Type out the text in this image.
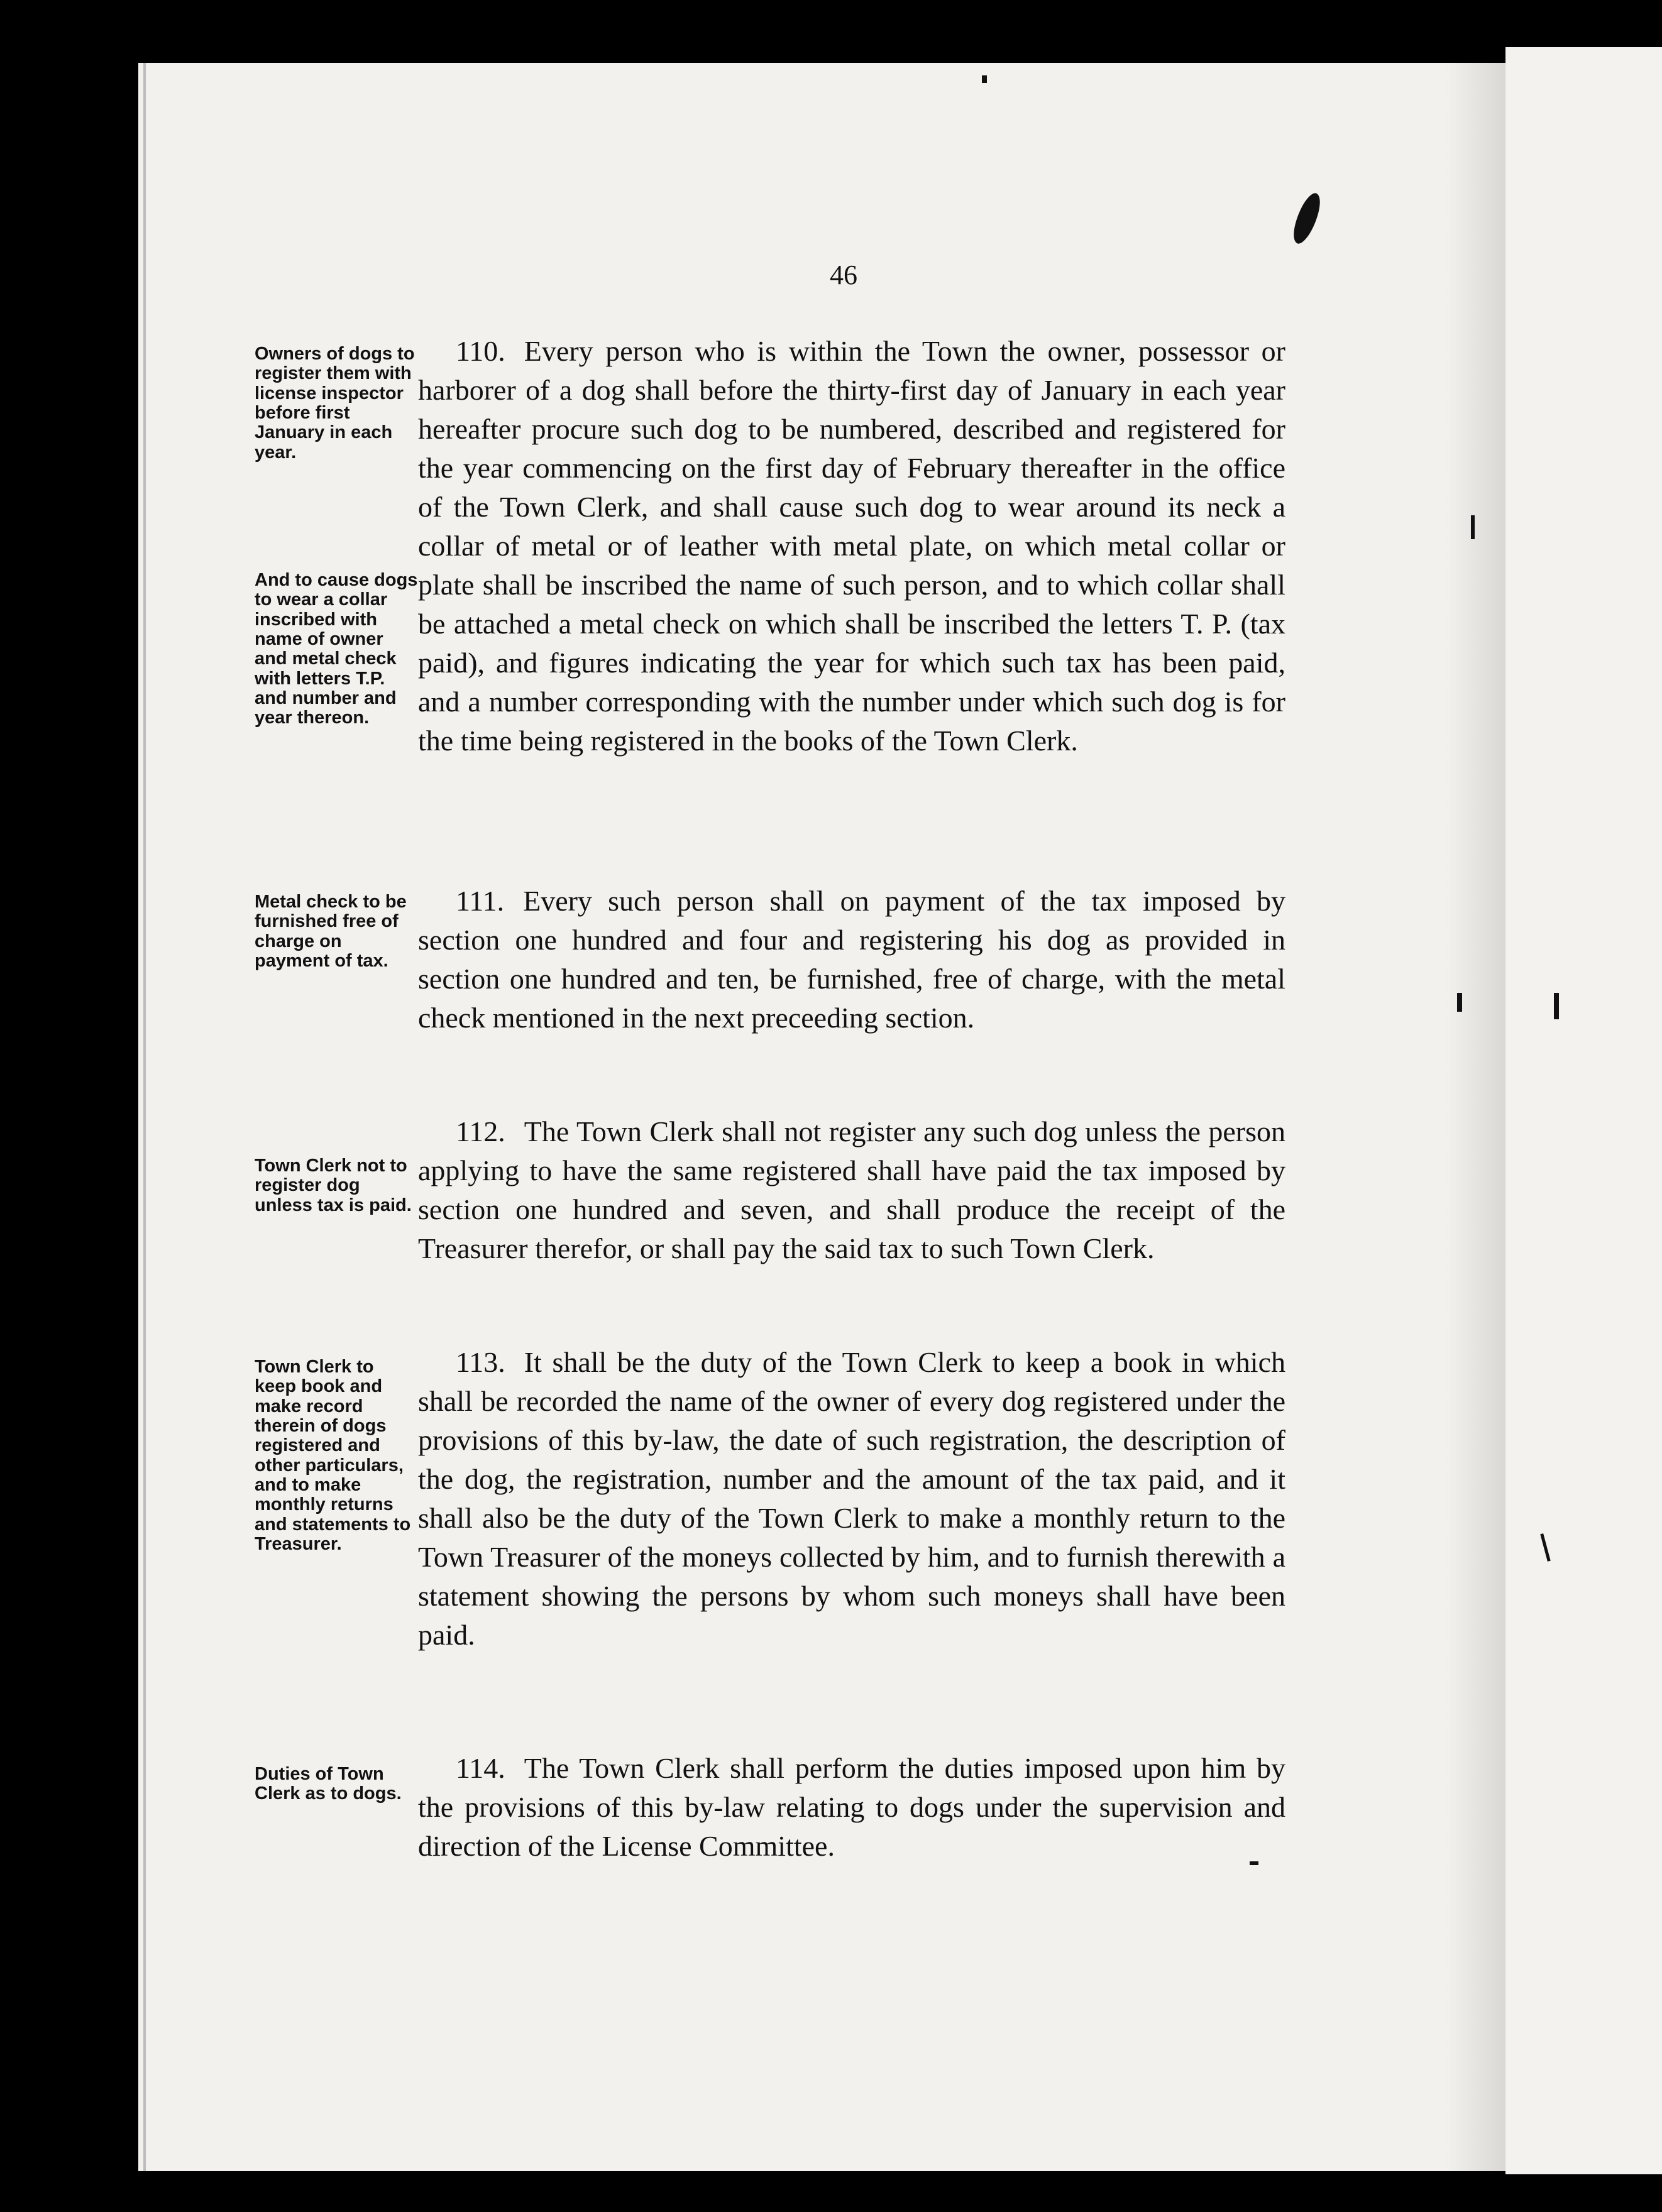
46
Owners of dogs to register them with license inspector before first January in each year.
And to cause dogs to wear a collar inscribed with name of owner and metal check with letters T.P. and number and year thereon.
110. Every person who is within the Town the owner, possessor or harborer of a dog shall before the thirty-first day of January in each year hereafter procure such dog to be numbered, described and registered for the year commencing on the first day of February thereafter in the office of the Town Clerk, and shall cause such dog to wear around its neck a collar of metal or of leather with metal plate, on which metal collar or plate shall be inscribed the name of such person, and to which collar shall be attached a metal check on which shall be inscribed the letters T. P. (tax paid), and figures indicating the year for which such tax has been paid, and a number corresponding with the number under which such dog is for the time being registered in the books of the Town Clerk.
Metal check to be furnished free of charge on payment of tax.
111. Every such person shall on payment of the tax imposed by section one hundred and four and registering his dog as provided in section one hundred and ten, be furnished, free of charge, with the metal check mentioned in the next preceeding section.
Town Clerk not to register dog unless tax is paid.
112. The Town Clerk shall not register any such dog unless the person applying to have the same registered shall have paid the tax imposed by section one hundred and seven, and shall produce the receipt of the Treasurer therefor, or shall pay the said tax to such Town Clerk.
Town Clerk to keep book and make record therein of dogs registered and other particulars, and to make monthly returns and statements to Treasurer.
113. It shall be the duty of the Town Clerk to keep a book in which shall be recorded the name of the owner of every dog registered under the provisions of this by-law, the date of such registration, the description of the dog, the registration, number and the amount of the tax paid, and it shall also be the duty of the Town Clerk to make a monthly return to the Town Treasurer of the moneys collected by him, and to furnish therewith a statement showing the persons by whom such moneys shall have been paid.
Duties of Town Clerk as to dogs.
114. The Town Clerk shall perform the duties imposed upon him by the provisions of this by-law relating to dogs under the supervision and direction of the License Committee.
